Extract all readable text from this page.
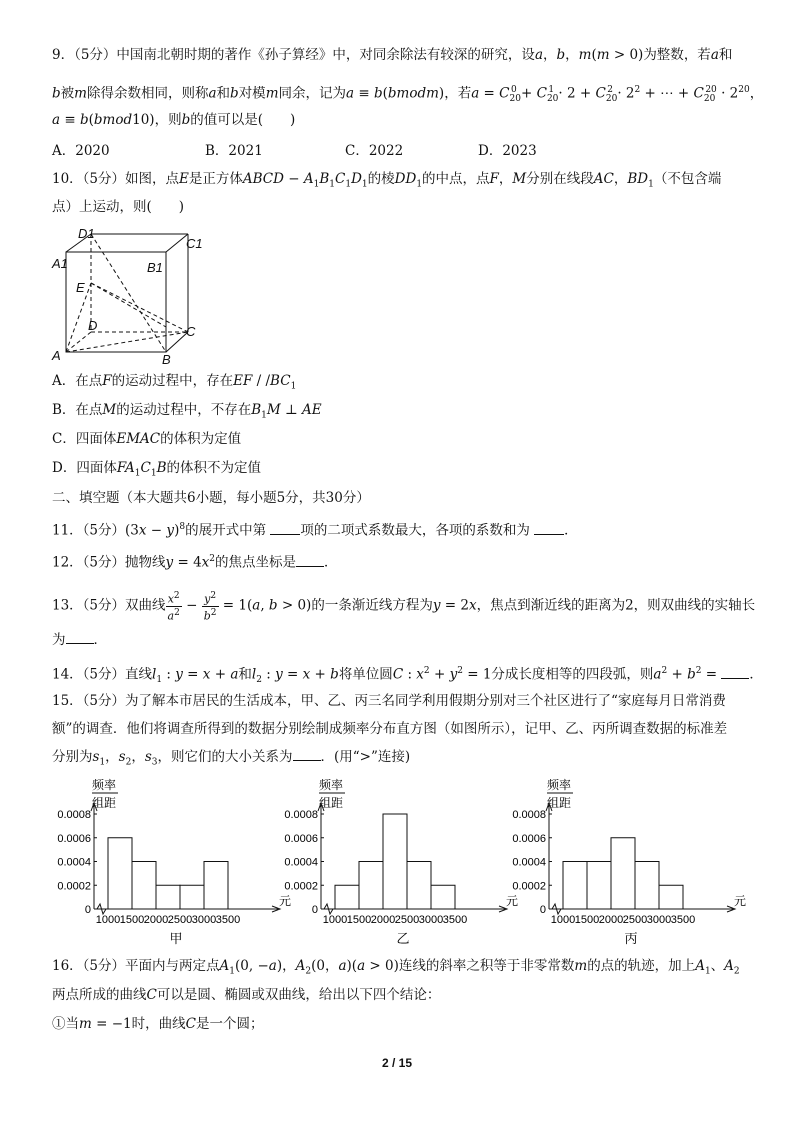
9．（5分）中国南北朝时期的著作《孙子算经》中，对同余除法有较深的研究，设a，b，m(m > 0)为整数，若a和
b被m除得余数相同，则称a和b对模m同余，记为a ≡ b(bmodm)，若$a = C_{20}^0 + C_{20}^1 \cdot 2 + C_{20}^2 \cdot 2^2$ + ⋯ + $C_{20}^{20} \cdot 2^{20}$，
a ≡ b(bmod10)，则b的值可以是(　　)
A．2020	B．2021	C．2022	D．2023
10．（5分）如图，点E是正方体ABCD − $A_1B_1C_1D_1$的棱$DD_1$的中点，点F，M分别在线段AC，$BD_1$（不包含端
点）上运动，则(　　)
D1
C1
A1	B1
E
D	C
A	B
A．在点F的运动过程中，存在EF / $/BC_1$
B．在点M的运动过程中，不存在$B_1M$ ⊥ AE
C．四面体EMAC的体积为定值
D．四面体$FA_1C_1B$的体积不为定值
二、填空题（本大题共6小题，每小题5分，共30分）
11．（5分）$(3x - y)^8$的展开式中第	项的二项式系数最大，各项的系数和为	．
12．（5分）抛物线$y = 4x^2$的焦点坐标是 ．
13．（5分）双曲线 $\frac{x^2}{a^2} - \frac{y^2}{b^2} = 1(a$, b > 0)的一条渐近线方程为y = 2x，焦点到渐近线的距离为2，则双曲线的实轴长
为 ．
14．（5分）直线$l_1$ : y = x + a和$l_2$ : y = x + b将单位圆C : $x^2 + y^2 = 1$分成长度相等的四段弧，则$a^2 + b^2$ = ．
15．（5分）为了解本市居民的生活成本，甲、乙、丙三名同学利用假期分别对三个社区进行了“家庭每月日常消费
额”的调查．他们将调查所得到的数据分别绘制成频率分布直方图（如图所示），记甲、乙、丙所调查数据的标准差
分别为$s_1$，$s_2$，$s_3$，则它们的大小关系为 ．(用“>”连接)
频率
组距
0.0008
0.0006
0.0004
0.0002
0
1000 1500 2000 2500 3000 3500
元
甲
频率
组距
0.0008
0.0006
0.0004
0.0002
0
1000 1500 2000 2500 3000 3500
元
乙
频率
组距
0.0008
0.0006
0.0004
0.0002
0
1000 1500 2000 2500 3000 3500
元
丙
16．（5分）平面内与两定点$A_1(0$, −a)，$A_2(0$，a)(a > 0)连线的斜率之积等于非零常数m的点的轨迹，加上$A_1$、$A_2$
两点所成的曲线C可以是圆、椭圆或双曲线，给出以下四个结论：
①当m = −1时，曲线C是一个圆；
2 / 15
